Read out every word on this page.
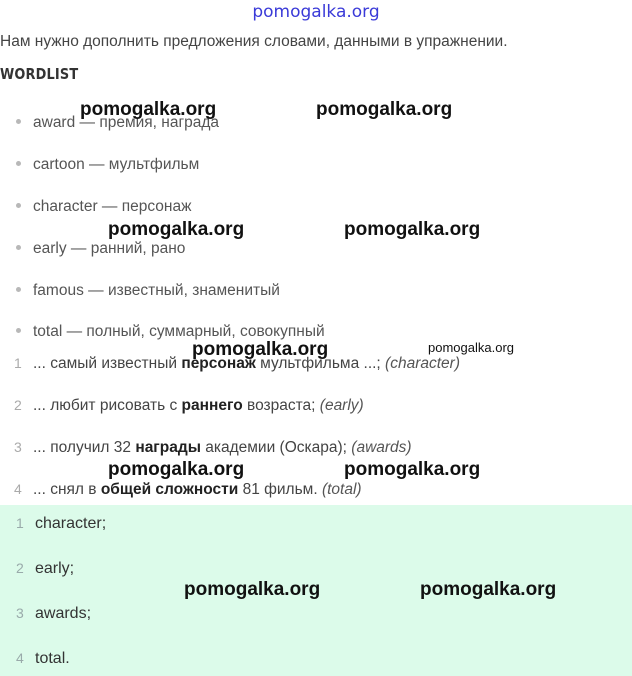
pomogalka.org
Нам нужно дополнить предложения словами, данными в упражнении.
WORDLIST
award — премия, награда
cartoon — мультфильм
character — персонаж
early — ранний, рано
famous — известный, знаменитый
total — полный, суммарный, совокупный
1 ... самый известный персонаж мультфильма ...; (character)
2 ... любит рисовать с раннего возраста; (early)
3 ... получил 32 награды академии (Оскара); (awards)
4 ... снял в общей сложности 81 фильм. (total)
1 character;
2 early;
3 awards;
4 total.
pomogalka.org	pomogalka.org
pomogalka.org	pomogalka.org
pomogalka.org	pomogalka.org
pomogalka.org	pomogalka.org
pomogalka.org	pomogalka.org
